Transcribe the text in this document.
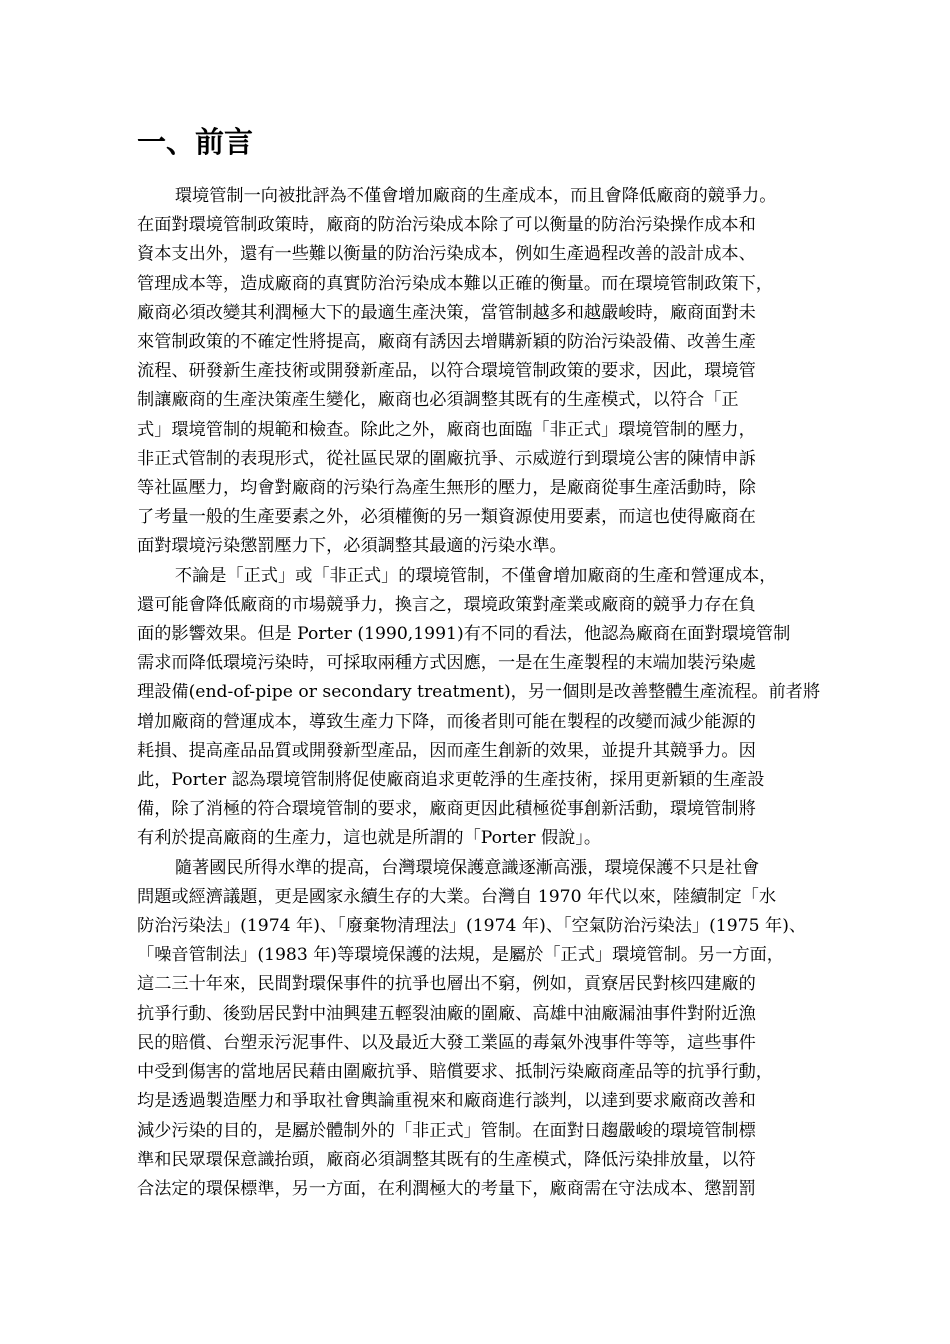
一、前言

環境管制一向被批評為不僅會增加廠商的生產成本，而且會降低廠商的競爭力。
在面對環境管制政策時，廠商的防治污染成本除了可以衡量的防治污染操作成本和
資本支出外，還有一些難以衡量的防治污染成本，例如生產過程改善的設計成本、
管理成本等，造成廠商的真實防治污染成本難以正確的衡量。而在環境管制政策下，
廠商必須改變其利潤極大下的最適生產決策，當管制越多和越嚴峻時，廠商面對未
來管制政策的不確定性將提高，廠商有誘因去增購新穎的防治污染設備、改善生產
流程、研發新生產技術或開發新產品，以符合環境管制政策的要求，因此，環境管
制讓廠商的生產決策產生變化，廠商也必須調整其既有的生產模式，以符合「正
式」環境管制的規範和檢查。除此之外，廠商也面臨「非正式」環境管制的壓力，
非正式管制的表現形式，從社區民眾的圍廠抗爭、示威遊行到環境公害的陳情申訴
等社區壓力，均會對廠商的污染行為產生無形的壓力，是廠商從事生產活動時，除
了考量一般的生產要素之外，必須權衡的另一類資源使用要素，而這也使得廠商在
面對環境污染懲罰壓力下，必須調整其最適的污染水準。

不論是「正式」或「非正式」的環境管制，不僅會增加廠商的生產和營運成本，
還可能會降低廠商的市場競爭力，換言之，環境政策對產業或廠商的競爭力存在負
面的影響效果。但是 Porter (1990,1991)有不同的看法，他認為廠商在面對環境管制
需求而降低環境污染時，可採取兩種方式因應，一是在生產製程的末端加裝污染處
理設備(end-of-pipe or secondary treatment)，另一個則是改善整體生產流程。前者將
增加廠商的營運成本，導致生產力下降，而後者則可能在製程的改變而減少能源的
耗損、提高產品品質或開發新型產品，因而產生創新的效果，並提升其競爭力。因
此，Porter 認為環境管制將促使廠商追求更乾淨的生產技術，採用更新穎的生產設
備，除了消極的符合環境管制的要求，廠商更因此積極從事創新活動，環境管制將
有利於提高廠商的生產力，這也就是所謂的「Porter 假說」。

隨著國民所得水準的提高，台灣環境保護意識逐漸高漲，環境保護不只是社會
問題或經濟議題，更是國家永續生存的大業。台灣自 1970 年代以來，陸續制定「水
防治污染法」(1974 年)、「廢棄物清理法」(1974 年)、「空氣防治污染法」(1975 年)、
「噪音管制法」(1983 年)等環境保護的法規，是屬於「正式」環境管制。另一方面，
這二三十年來，民間對環保事件的抗爭也層出不窮，例如，貢寮居民對核四建廠的
抗爭行動、後勁居民對中油興建五輕裂油廠的圍廠、高雄中油廠漏油事件對附近漁
民的賠償、台塑汞污泥事件、以及最近大發工業區的毒氣外洩事件等等，這些事件
中受到傷害的當地居民藉由圍廠抗爭、賠償要求、抵制污染廠商產品等的抗爭行動，
均是透過製造壓力和爭取社會輿論重視來和廠商進行談判，以達到要求廠商改善和
減少污染的目的，是屬於體制外的「非正式」管制。在面對日趨嚴峻的環境管制標
準和民眾環保意識抬頭，廠商必須調整其既有的生產模式，降低污染排放量，以符
合法定的環保標準，另一方面，在利潤極大的考量下，廠商需在守法成本、懲罰罰
